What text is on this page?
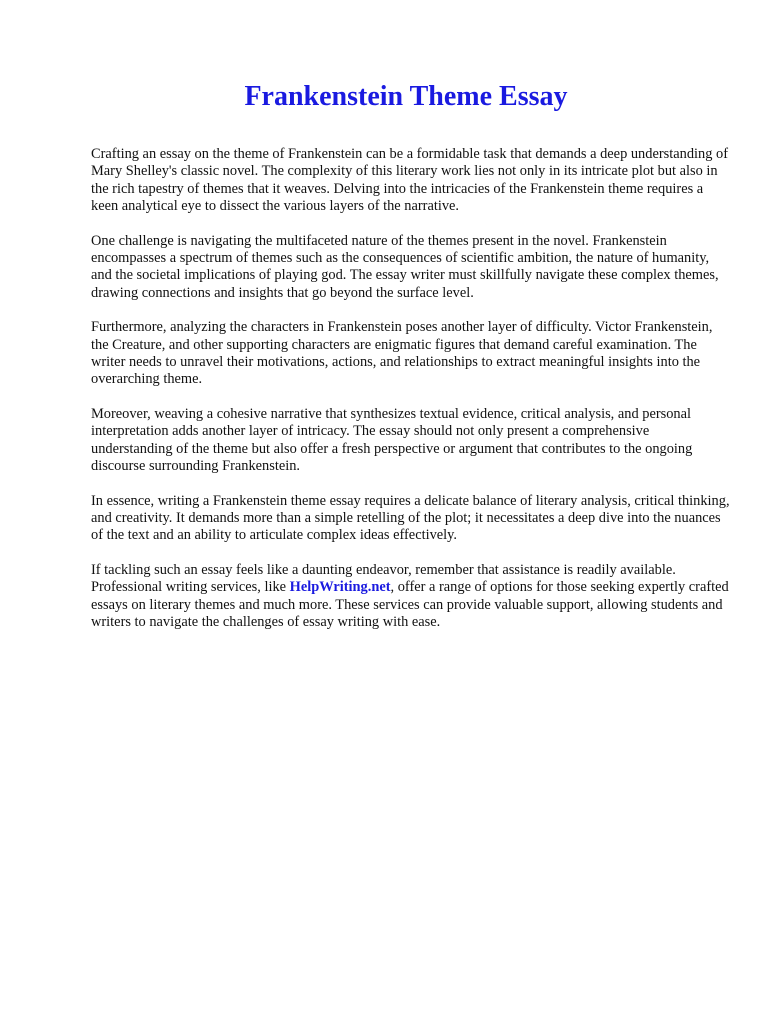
Frankenstein Theme Essay

Crafting an essay on the theme of Frankenstein can be a formidable task that demands a deep understanding of Mary Shelley's classic novel. The complexity of this literary work lies not only in its intricate plot but also in the rich tapestry of themes that it weaves. Delving into the intricacies of the Frankenstein theme requires a keen analytical eye to dissect the various layers of the narrative.

One challenge is navigating the multifaceted nature of the themes present in the novel. Frankenstein encompasses a spectrum of themes such as the consequences of scientific ambition, the nature of humanity, and the societal implications of playing god. The essay writer must skillfully navigate these complex themes, drawing connections and insights that go beyond the surface level.

Furthermore, analyzing the characters in Frankenstein poses another layer of difficulty. Victor Frankenstein, the Creature, and other supporting characters are enigmatic figures that demand careful examination. The writer needs to unravel their motivations, actions, and relationships to extract meaningful insights into the overarching theme.

Moreover, weaving a cohesive narrative that synthesizes textual evidence, critical analysis, and personal interpretation adds another layer of intricacy. The essay should not only present a comprehensive understanding of the theme but also offer a fresh perspective or argument that contributes to the ongoing discourse surrounding Frankenstein.

In essence, writing a Frankenstein theme essay requires a delicate balance of literary analysis, critical thinking, and creativity. It demands more than a simple retelling of the plot; it necessitates a deep dive into the nuances of the text and an ability to articulate complex ideas effectively.

If tackling such an essay feels like a daunting endeavor, remember that assistance is readily available. Professional writing services, like HelpWriting.net, offer a range of options for those seeking expertly crafted essays on literary themes and much more. These services can provide valuable support, allowing students and writers to navigate the challenges of essay writing with ease.
